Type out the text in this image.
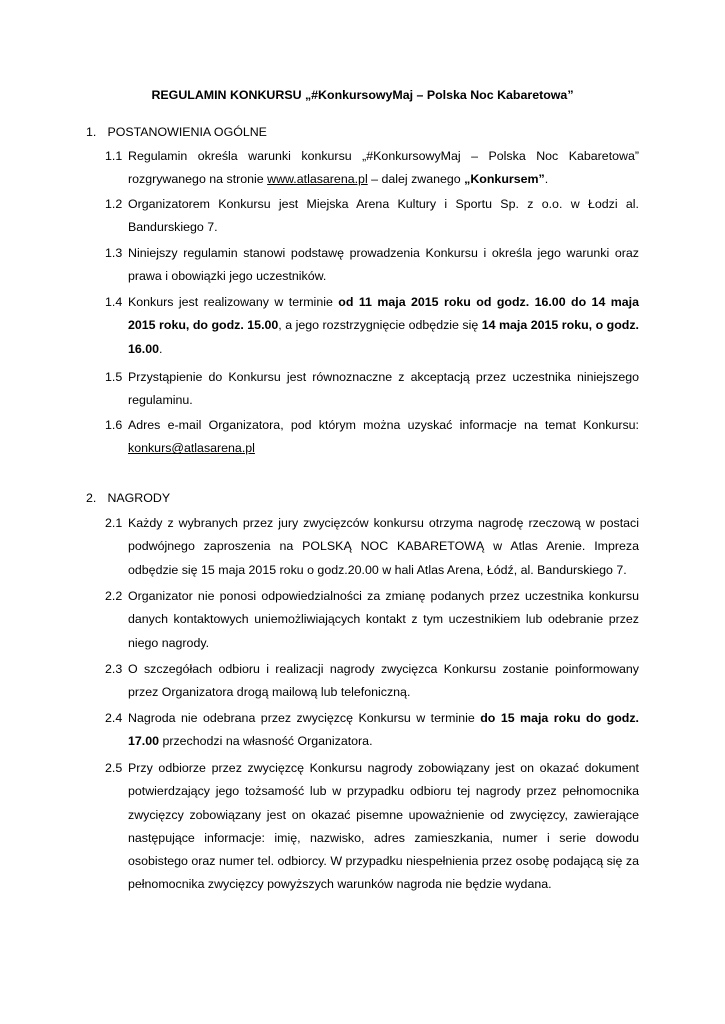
REGULAMIN KONKURSU „#KonkursowyMaj – Polska Noc Kabaretowa”
1. POSTANOWIENIA OGÓLNE
1.1 Regulamin określa warunki konkursu „#KonkursowyMaj – Polska Noc Kabaretowa” rozgrywanego na stronie www.atlasarena.pl – dalej zwanego „Konkursem”.
1.2 Organizatorem Konkursu jest Miejska Arena Kultury i Sportu Sp. z o.o. w Łodzi al. Bandurskiego 7.
1.3 Niniejszy regulamin stanowi podstawę prowadzenia Konkursu i określa jego warunki oraz prawa i obowiązki jego uczestników.
1.4 Konkurs jest realizowany w terminie od 11 maja 2015 roku od godz. 16.00 do 14 maja 2015 roku, do godz. 15.00, a jego rozstrzygnięcie odbędzie się 14 maja 2015 roku, o godz. 16.00.
1.5 Przystąpienie do Konkursu jest równoznaczne z akceptacją przez uczestnika niniejszego regulaminu.
1.6 Adres e-mail Organizatora, pod którym można uzyskać informacje na temat Konkursu: konkurs@atlasarena.pl
2. NAGRODY
2.1 Każdy z wybranych przez jury zwycięzców konkursu otrzyma nagrodę rzeczową w postaci podwójnego zaproszenia na POLSKĄ NOC KABARETOWĄ w Atlas Arenie. Impreza odbędzie się 15 maja 2015 roku o godz.20.00 w hali Atlas Arena, Łódź, al. Bandurskiego 7.
2.2 Organizator nie ponosi odpowiedzialności za zmianę podanych przez uczestnika konkursu danych kontaktowych uniemożliwiających kontakt z tym uczestnikiem lub odebranie przez niego nagrody.
2.3 O szczegółach odbioru i realizacji nagrody zwycięzca Konkursu zostanie poinformowany przez Organizatora drogą mailową lub telefoniczną.
2.4 Nagroda nie odebrana przez zwycięzcę Konkursu w terminie do 15 maja roku do godz. 17.00 przechodzi na własność Organizatora.
2.5 Przy odbiorze przez zwycięzcę Konkursu nagrody zobowiązany jest on okazać dokument potwierdzający jego tożsamość lub w przypadku odbioru tej nagrody przez pełnomocnika zwycięzcy zobowiązany jest on okazać pisemne upoważnienie od zwycięzcy, zawierające następujące informacje: imię, nazwisko, adres zamieszkania, numer i serie dowodu osobistego oraz numer tel. odbiorcy. W przypadku niespełnienia przez osobę podającą się za pełnomocnika zwycięzcy powyższych warunków nagroda nie będzie wydana.
